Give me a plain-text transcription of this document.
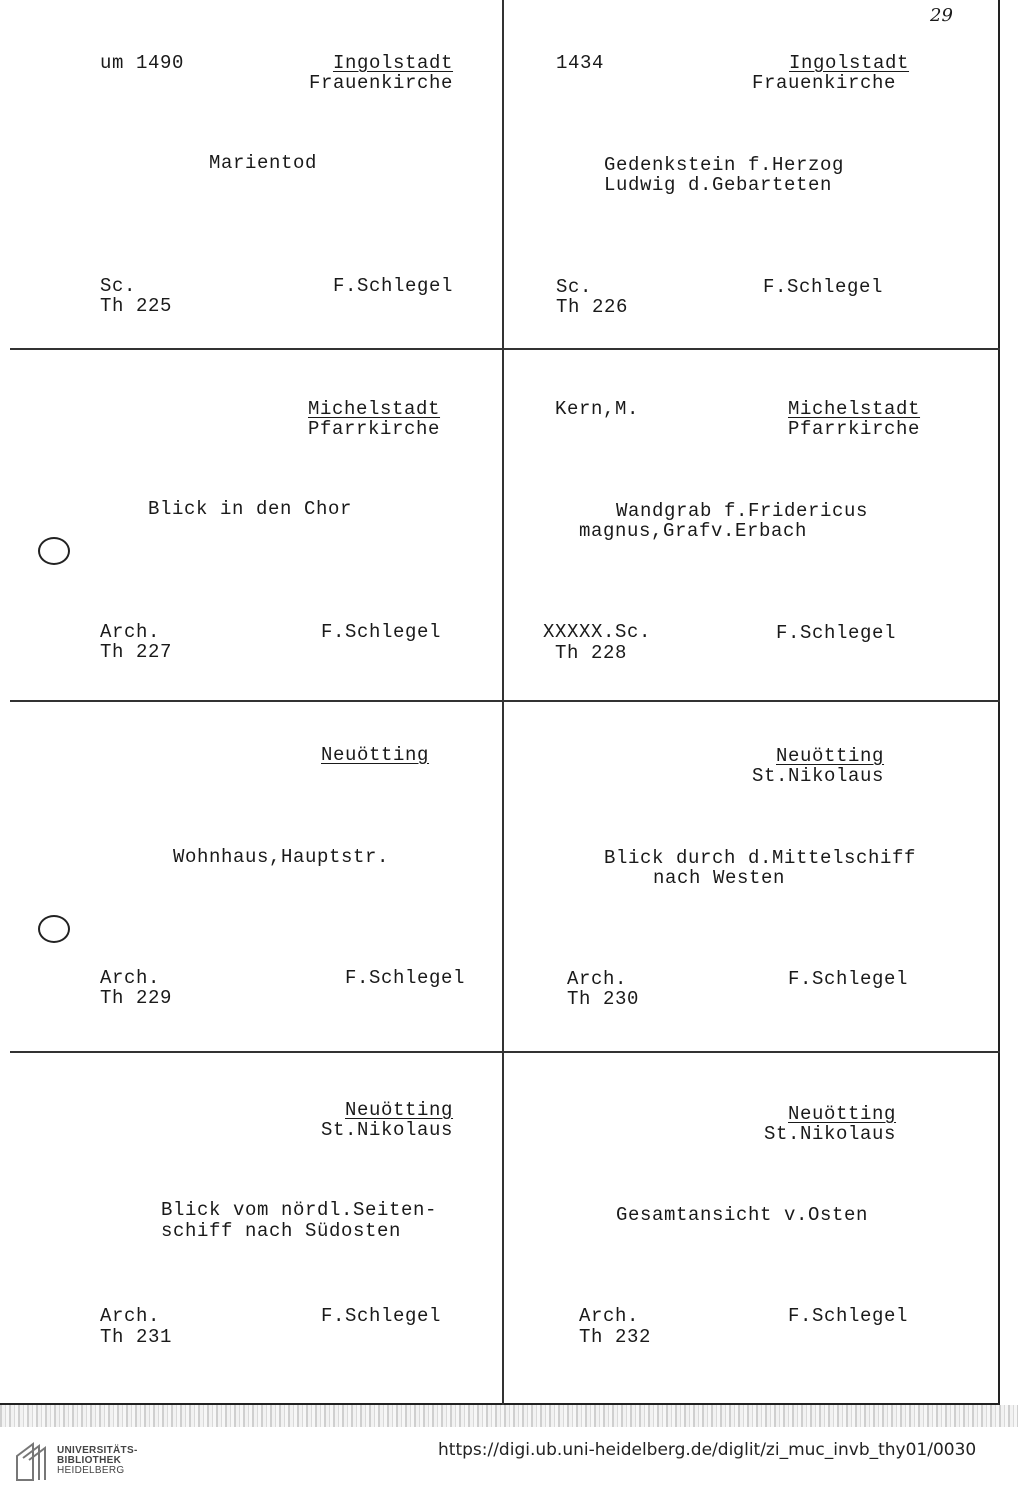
29
um 1490	Ingolstadt
Frauenkirche
Marientod
Sc.
Th 225
F.Schlegel
1434	Ingolstadt
Frauenkirche
Gedenkstein f.Herzog
Ludwig d.Gebarteten
Sc.
Th 226
F.Schlegel
Michelstadt
Pfarrkirche
Blick in den Chor
Arch.
Th 227
F.Schlegel
Kern,M.	Michelstadt
Pfarrkirche
Wandgrab f.Fridericus
magnus,Grafv.Erbach
XXXXX.Sc.
Th 228
F.Schlegel
Neuötting
Wohnhaus,Hauptstr.
Arch.
Th 229
F.Schlegel
Neuötting
St.Nikolaus
Blick durch d.Mittelschiff
nach Westen
Arch.
Th 230
F.Schlegel
Neuötting
St.Nikolaus
Blick vom nördl.Seiten-
schiff nach Südosten
Arch.
Th 231
F.Schlegel
Neuötting
St.Nikolaus
Gesamtansicht v.Osten
Arch.
Th 232
F.Schlegel
UNIVERSITÄTS-
BIBLIOTHEK
HEIDELBERG
https://digi.ub.uni-heidelberg.de/diglit/zi_muc_invb_thy01/0030
